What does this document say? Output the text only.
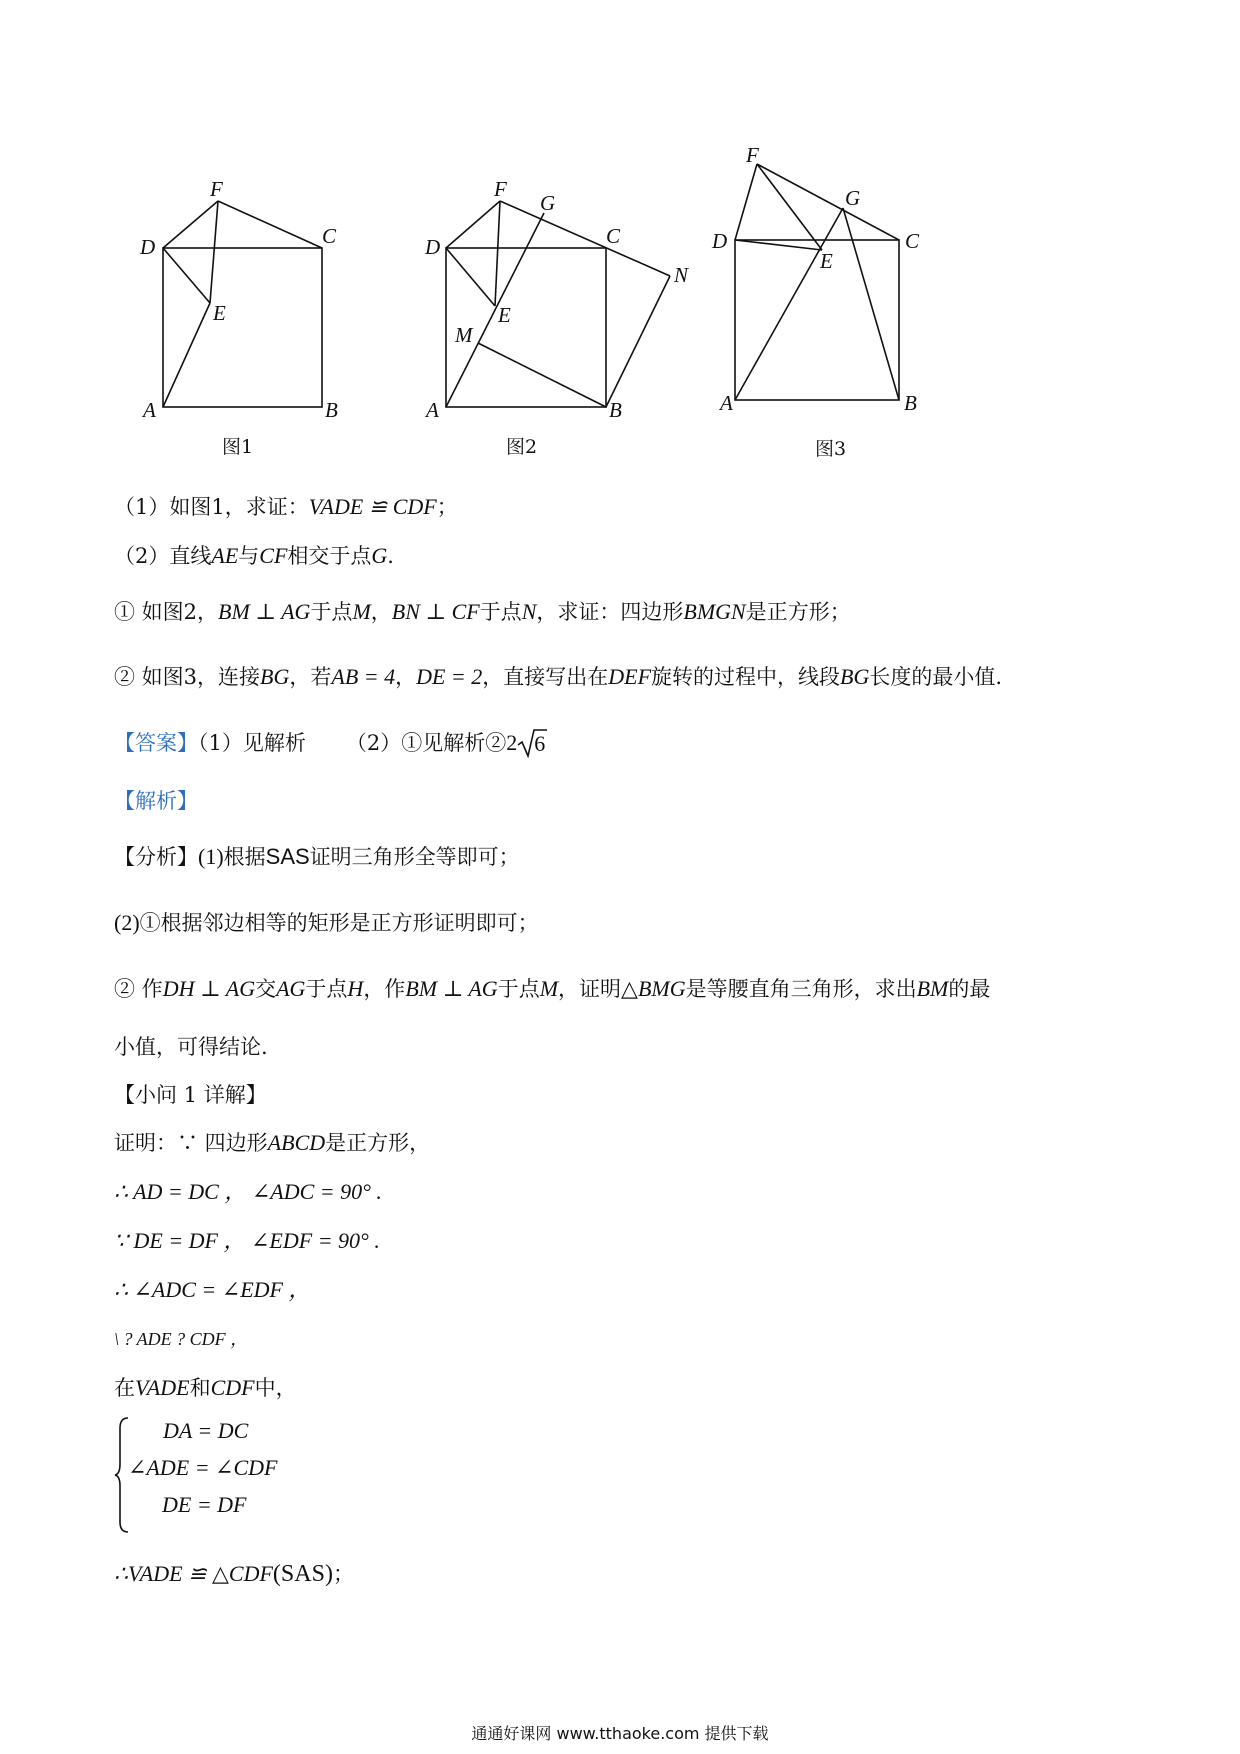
F
D	C
E
A	B
图1
F
G
D	C
N
E
M
A	B
图2
F
G
D	C
E
A	B
图3
（1）如图1，求证：VADE ≌ CDF；
（2）直线AE与CF相交于点G.
① 如图2，BM ⊥ AG于点M，BN ⊥ CF于点N，求证：四边形BMGN是正方形；
② 如图3，连接BG，若AB = 4，DE = 2，直接写出在DEF旋转的过程中，线段BG长度的最小值.
【答案】（1）见解析 （2）①见解析②2 6
【解析】
【分析】(1)根据SAS证明三角形全等即可；
(2)①根据邻边相等的矩形是正方形证明即可；
② 作DH ⊥ AG交AG于点H，作BM ⊥ AG于点M，证明△BMG是等腰直角三角形，求出BM的最
小值，可得结论.
【小问 1 详解】
证明：∵ 四边形ABCD是正方形，
∴ AD = DC ， ∠ADC = 90° .
∵ DE = DF ， ∠EDF = 90° .
∴ ∠ADC = ∠EDF ，
\ ? ADE ? CDF ，
在VADE和CDF中，
DA = DC
∠ADE = ∠CDF
DE = DF
∴VADE ≌ △CDF(SAS)；
通通好课网 www.tthaoke.com 提供下载
